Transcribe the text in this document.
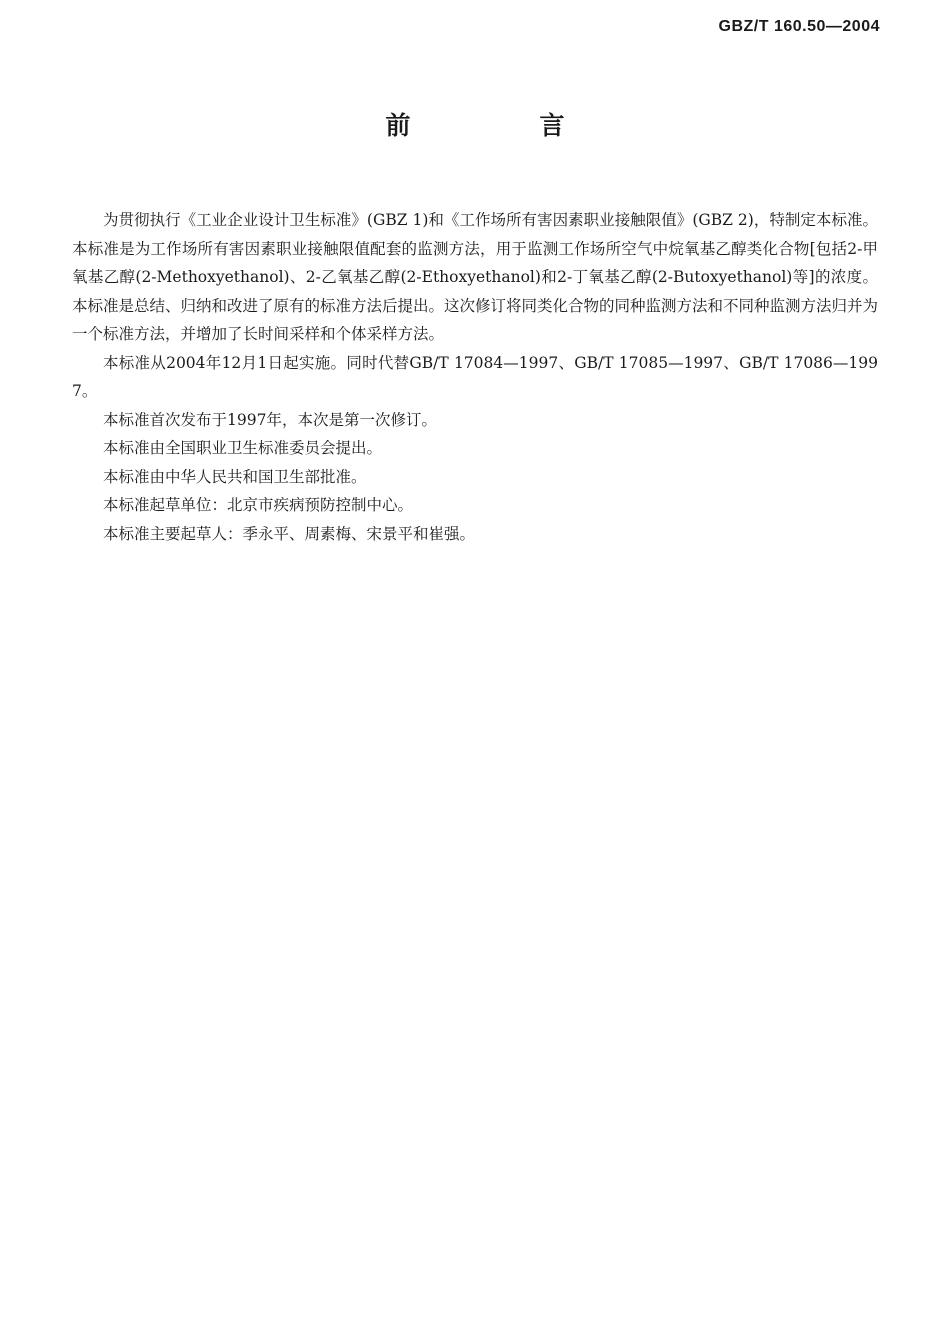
GBZ/T 160.50—2004
前　言

为贯彻执行《工业企业设计卫生标准》(GBZ 1)和《工作场所有害因素职业接触限值》(GBZ 2)，特制定本标准。本标准是为工作场所有害因素职业接触限值配套的监测方法，用于监测工作场所空气中烷氧基乙醇类化合物[包括2-甲氧基乙醇(2-Methoxyethanol)、2-乙氧基乙醇(2-Ethoxyethanol)和2-丁氧基乙醇(2-Butoxyethanol)等]的浓度。本标准是总结、归纳和改进了原有的标准方法后提出。这次修订将同类化合物的同种监测方法和不同种监测方法归并为一个标准方法，并增加了长时间采样和个体采样方法。

本标准从2004年12月1日起实施。同时代替GB/T 17084—1997、GB/T 17085—1997、GB/T 17086—1997。

本标准首次发布于1997年，本次是第一次修订。

本标准由全国职业卫生标准委员会提出。

本标准由中华人民共和国卫生部批准。

本标准起草单位：北京市疾病预防控制中心。

本标准主要起草人：季永平、周素梅、宋景平和崔强。
